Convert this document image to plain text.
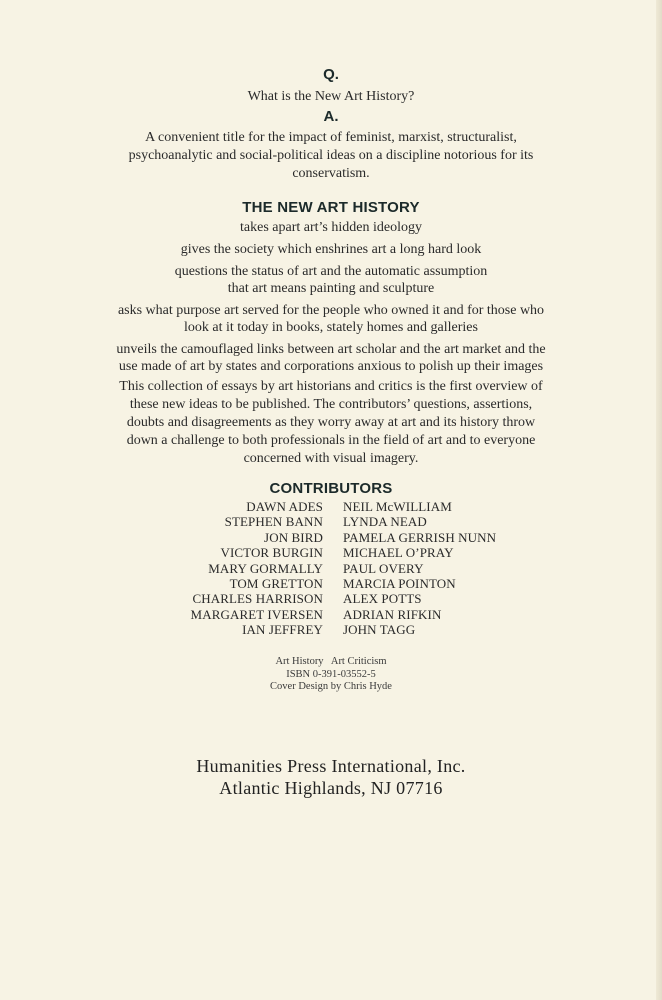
Q.

What is the New Art History?

A.

A convenient title for the impact of feminist, marxist, structuralist,
psychoanalytic and social-political ideas on a discipline notorious for its
conservatism.

THE NEW ART HISTORY

takes apart art’s hidden ideology

gives the society which enshrines art a long hard look

questions the status of art and the automatic assumption
that art means painting and sculpture

asks what purpose art served for the people who owned it and for those who
look at it today in books, stately homes and galleries

unveils the camouflaged links between art scholar and the art market and the
use made of art by states and corporations anxious to polish up their images

This collection of essays by art historians and critics is the first overview of
these new ideas to be published. The contributors’ questions, assertions,
doubts and disagreements as they worry away at art and its history throw
down a challenge to both professionals in the field of art and to everyone
concerned with visual imagery.

CONTRIBUTORS

DAWN ADES
STEPHEN BANN
JON BIRD
VICTOR BURGIN
MARY GORMALLY
TOM GRETTON
CHARLES HARRISON
MARGARET IVERSEN
IAN JEFFREY
NEIL McWILLIAM
LYNDA NEAD
PAMELA GERRISH NUNN
MICHAEL O’PRAY
PAUL OVERY
MARCIA POINTON
ALEX POTTS
ADRIAN RIFKIN
JOHN TAGG
Art History   Art Criticism
ISBN 0-391-03552-5
Cover Design by Chris Hyde
Humanities Press International, Inc.
Atlantic Highlands, NJ 07716
